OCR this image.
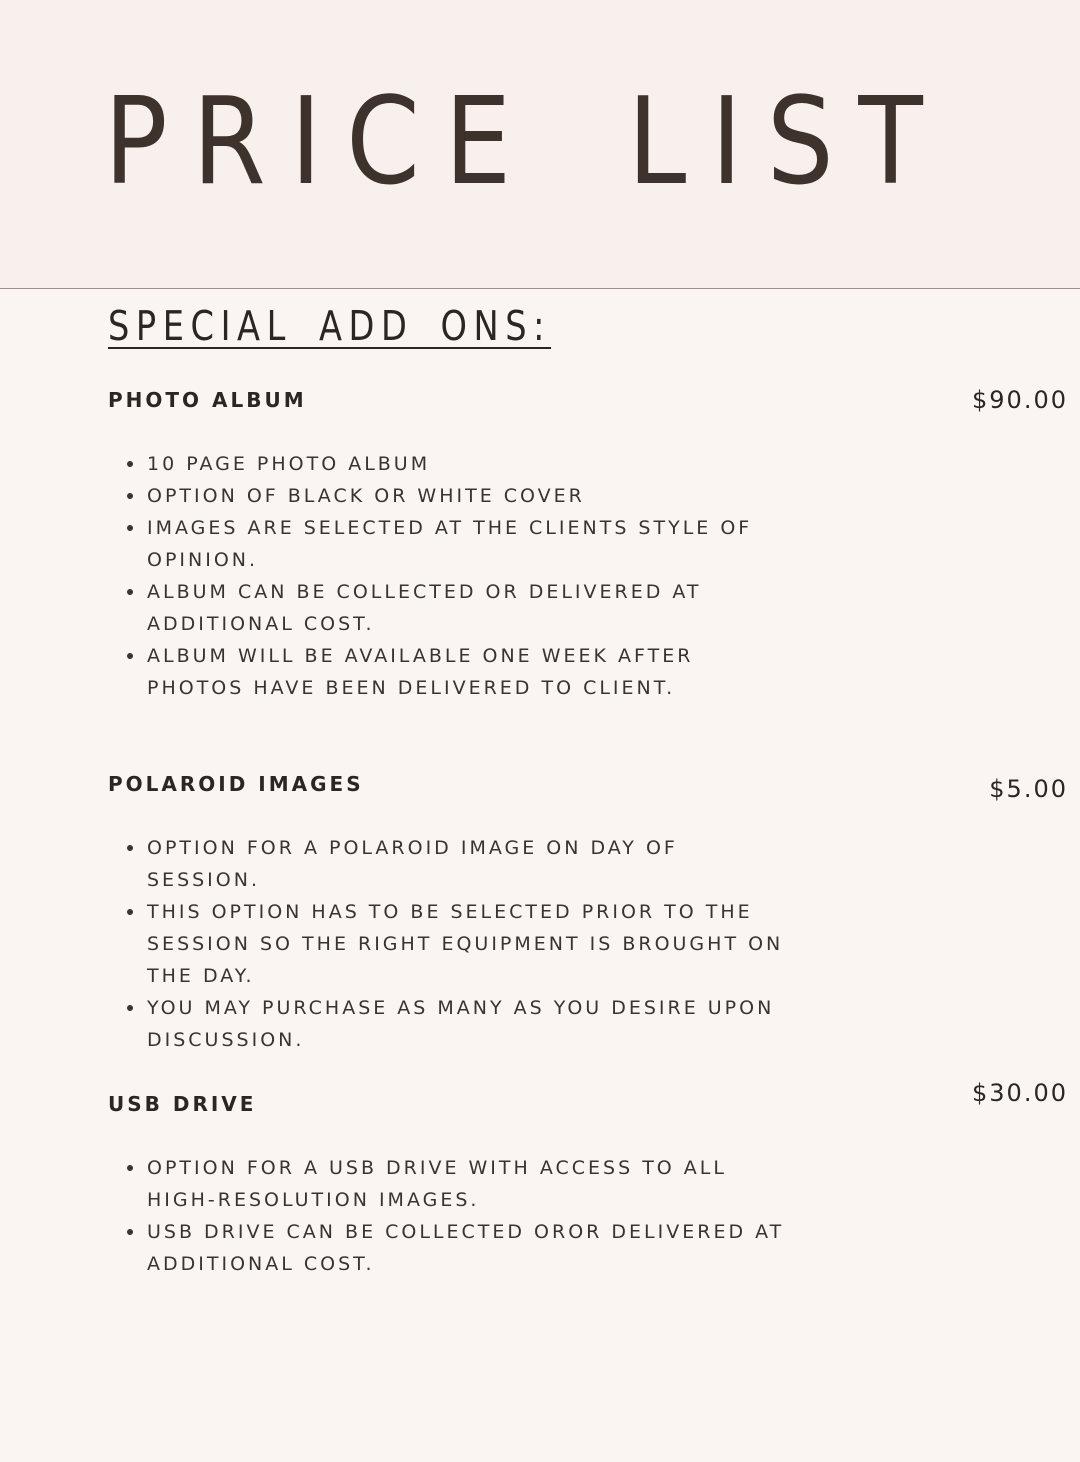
PRICE LIST
SPECIAL ADD ONS:
PHOTO ALBUM	$90.00
10 PAGE PHOTO ALBUM
OPTION OF BLACK OR WHITE COVER
IMAGES ARE SELECTED AT THE CLIENTS STYLE OF
OPINION.
ALBUM CAN BE COLLECTED OR DELIVERED AT
ADDITIONAL COST.
ALBUM WILL BE AVAILABLE ONE WEEK AFTER
PHOTOS HAVE BEEN DELIVERED TO CLIENT.
POLAROID IMAGES	$5.00
OPTION FOR A POLAROID IMAGE ON DAY OF
SESSION.
THIS OPTION HAS TO BE SELECTED PRIOR TO THE
SESSION SO THE RIGHT EQUIPMENT IS BROUGHT ON
THE DAY.
YOU MAY PURCHASE AS MANY AS YOU DESIRE UPON
DISCUSSION.
USB DRIVE	$30.00
OPTION FOR A USB DRIVE WITH ACCESS TO ALL
HIGH-RESOLUTION IMAGES.
USB DRIVE CAN BE COLLECTED OROR DELIVERED AT
ADDITIONAL COST.
